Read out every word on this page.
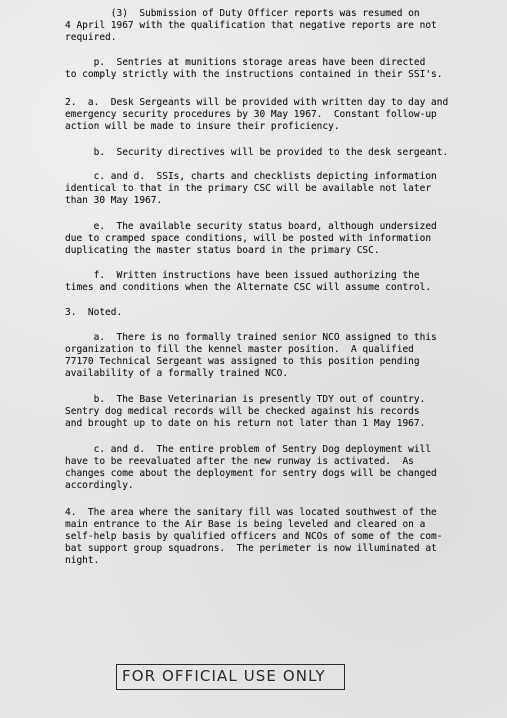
(3)  Submission of Duty Officer reports was resumed on
4 April 1967 with the qualification that negative reports are not
required.
p.  Sentries at munitions storage areas have been directed
to comply strictly with the instructions contained in their SSI's.
2.  a.  Desk Sergeants will be provided with written day to day and
emergency security procedures by 30 May 1967.  Constant follow-up
action will be made to insure their proficiency.
b.  Security directives will be provided to the desk sergeant.
c. and d.  SSIs, charts and checklists depicting information
identical to that in the primary CSC will be available not later
than 30 May 1967.
e.  The available security status board, although undersized
due to cramped space conditions, will be posted with information
duplicating the master status board in the primary CSC.
f.  Written instructions have been issued authorizing the
times and conditions when the Alternate CSC will assume control.
3.  Noted.
a.  There is no formally trained senior NCO assigned to this
organization to fill the kennel master position.  A qualified
77170 Technical Sergeant was assigned to this position pending
availability of a formally trained NCO.
b.  The Base Veterinarian is presently TDY out of country.
Sentry dog medical records will be checked against his records
and brought up to date on his return not later than 1 May 1967.
c. and d.  The entire problem of Sentry Dog deployment will
have to be reevaluated after the new runway is activated.  As
changes come about the deployment for sentry dogs will be changed
accordingly.
4.  The area where the sanitary fill was located southwest of the
main entrance to the Air Base is being leveled and cleared on a
self-help basis by qualified officers and NCOs of some of the com-
bat support group squadrons.  The perimeter is now illuminated at
night.
FOR OFFICIAL USE ONLY
